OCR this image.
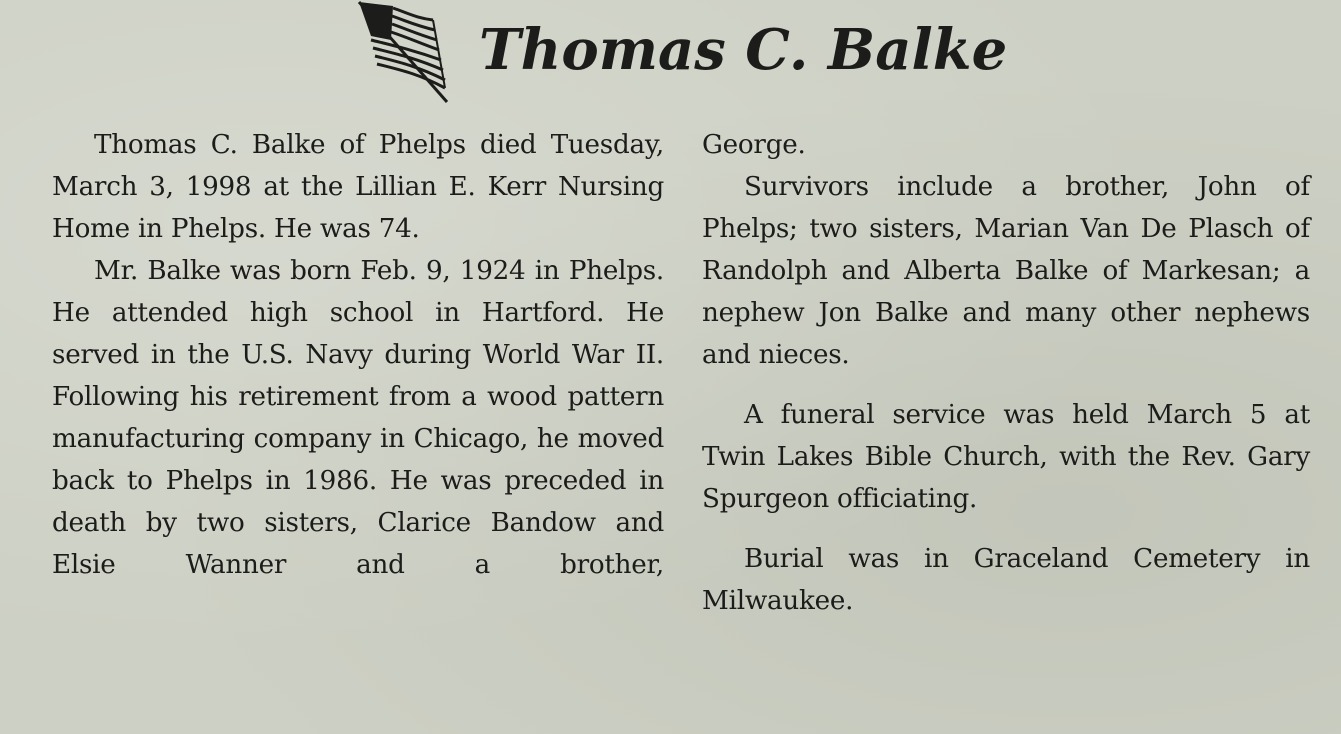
Thomas C. Balke

Thomas C. Balke of Phelps died Tuesday, March 3, 1998 at the Lillian E. Kerr Nursing Home in Phelps. He was 74.

Mr. Balke was born Feb. 9, 1924 in Phelps. He attended high school in Hartford. He served in the U.S. Navy during World War II. Following his retirement from a wood pattern manufacturing company in Chicago, he moved back to Phelps in 1986. He was preceded in death by two sisters, Clarice Bandow and Elsie Wanner and a brother,

George.

Survivors include a brother, John of Phelps; two sisters, Marian Van De Plasch of Randolph and Alberta Balke of Markesan; a nephew Jon Balke and many other nephews and nieces.

A funeral service was held March 5 at Twin Lakes Bible Church, with the Rev. Gary Spurgeon officiating.

Burial was in Graceland Cemetery in Milwaukee.
